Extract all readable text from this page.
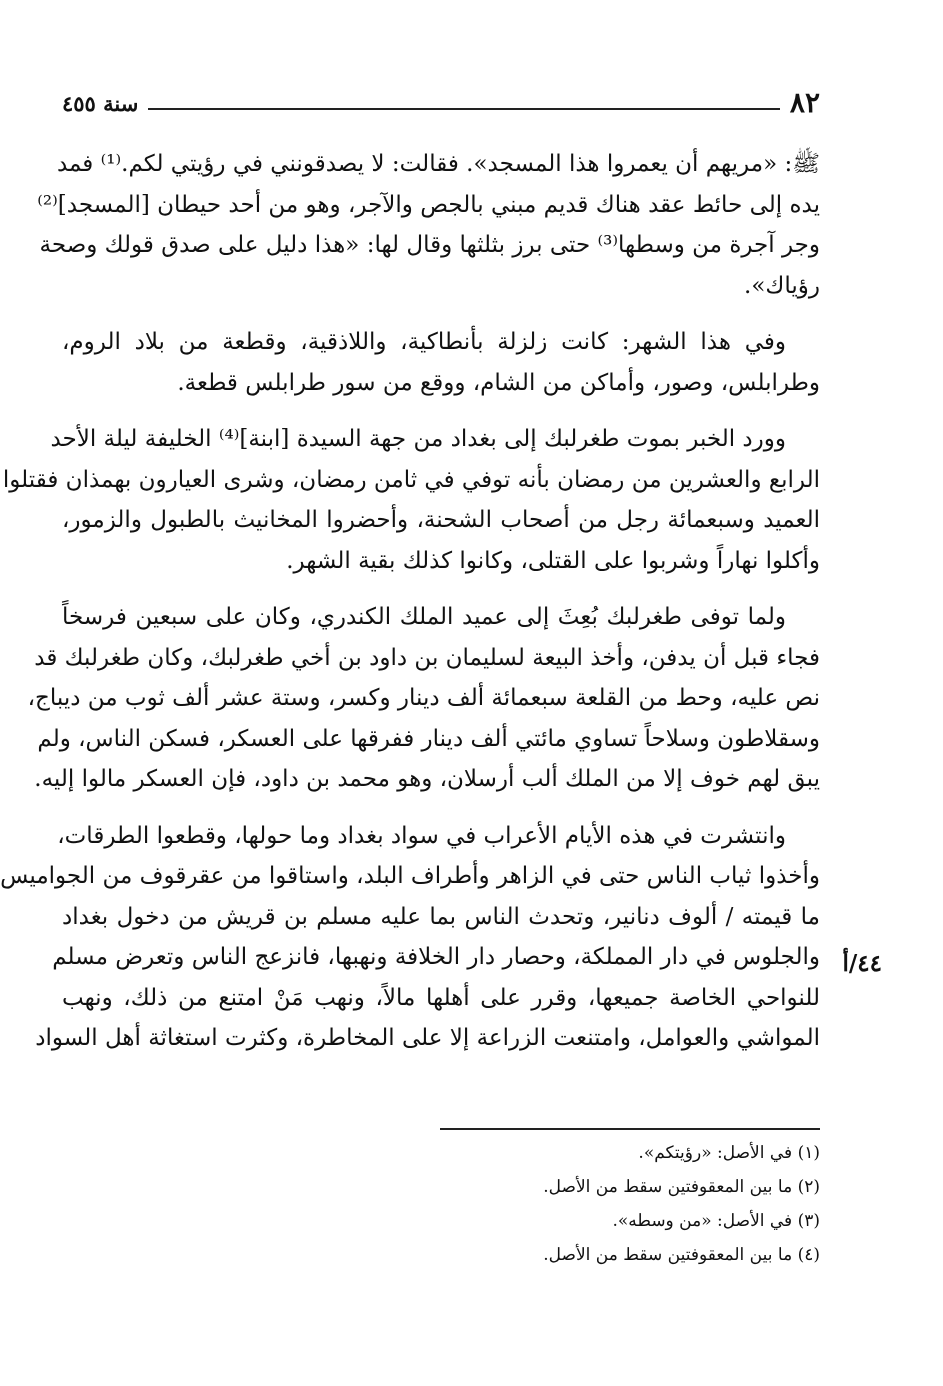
٨٢
سنة ٤٥٥

ﷺ: «مريهم أن يعمروا هذا المسجد». فقالت: لا يصدقونني في رؤيتي لكم.⁽¹⁾ فمد
يده إلى حائط عقد هناك قديم مبني بالجص والآجر، وهو من أحد حيطان [المسجد]⁽²⁾
وجر آجرة من وسطها⁽³⁾ حتى برز بثلثها وقال لها: «هذا دليل على صدق قولك وصحة
رؤياك».

وفي هذا الشهر: كانت زلزلة بأنطاكية، واللاذقية، وقطعة من بلاد الروم،
وطرابلس، وصور، وأماكن من الشام، ووقع من سور طرابلس قطعة.

وورد الخبر بموت طغرلبك إلى بغداد من جهة السيدة [ابنة]⁽⁴⁾ الخليفة ليلة الأحد
الرابع والعشرين من رمضان بأنه توفي في ثامن رمضان، وشرى العيارون بهمذان فقتلوا
العميد وسبعمائة رجل من أصحاب الشحنة، وأحضروا المخانيث بالطبول والزمور،
وأكلوا نهاراً وشربوا على القتلى، وكانوا كذلك بقية الشهر.

ولما توفى طغرلبك بُعِثَ إلى عميد الملك الكندري، وكان على سبعين فرسخاً
فجاء قبل أن يدفن، وأخذ البيعة لسليمان بن داود بن أخي طغرلبك، وكان طغرلبك قد
نص عليه، وحط من القلعة سبعمائة ألف دينار وكسر، وستة عشر ألف ثوب من ديباج،
وسقلاطون وسلاحاً تساوي مائتي ألف دينار ففرقها على العسكر، فسكن الناس، ولم
يبق لهم خوف إلا من الملك ألب أرسلان، وهو محمد بن داود، فإن العسكر مالوا إليه.

وانتشرت في هذه الأيام الأعراب في سواد بغداد وما حولها، وقطعوا الطرقات،
وأخذوا ثياب الناس حتى في الزاهر وأطراف البلد، واستاقوا من عقرقوف من الجواميس
ما قيمته / ألوف دنانير، وتحدث الناس بما عليه مسلم بن قريش من دخول بغداد
والجلوس في دار المملكة، وحصار دار الخلافة ونهبها، فانزعج الناس وتعرض مسلم
للنواحي الخاصة جميعها، وقرر على أهلها مالاً، ونهب مَنْ امتنع من ذلك، ونهب
المواشي والعوامل، وامتنعت الزراعة إلا على المخاطرة، وكثرت استغاثة أهل السواد

٤٤/أ
(١) في الأصل: «رؤيتكم».
(٢) ما بين المعقوفتين سقط من الأصل.
(٣) في الأصل: «من وسطه».
(٤) ما بين المعقوفتين سقط من الأصل.
